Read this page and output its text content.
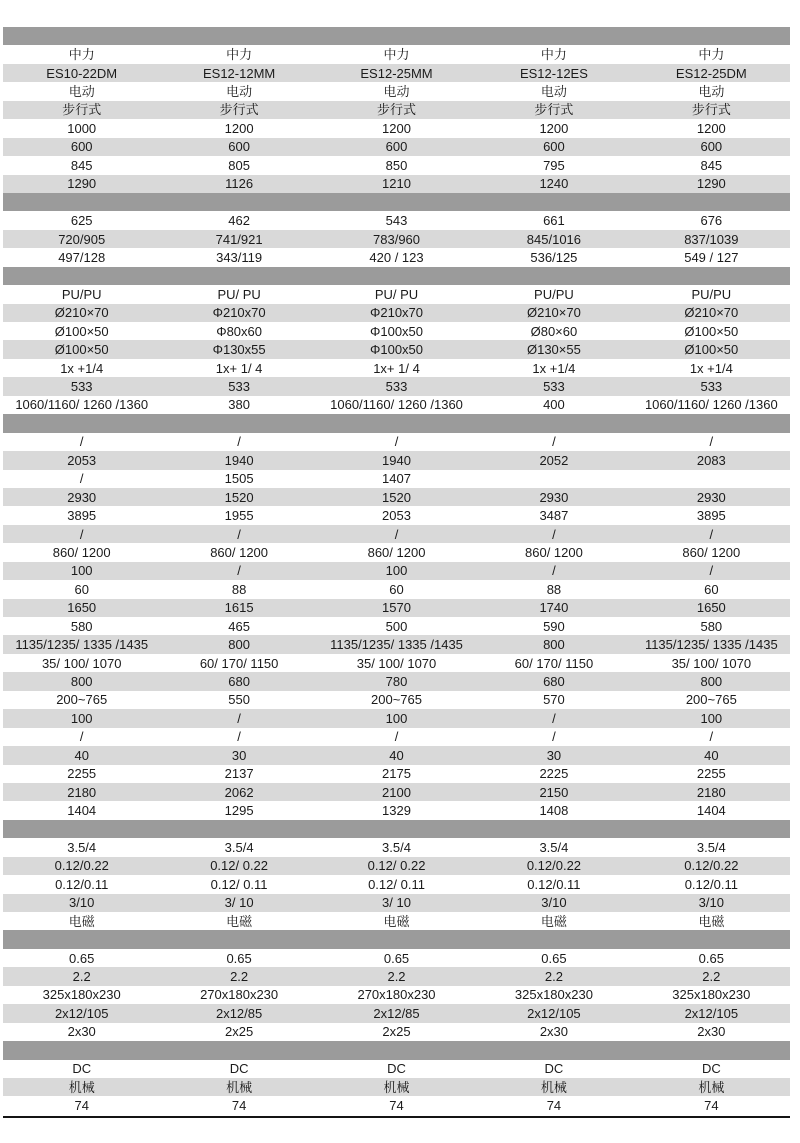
中力	中力	中力	中力	中力
ES10-22DM	ES12-12MM	ES12-25MM	ES12-12ES	ES12-25DM
电动	电动	电动	电动	电动
步行式	步行式	步行式	步行式	步行式
1000	1200	1200	1200	1200
600	600	600	600	600
845	805	850	795	845
1290	1126	1210	1240	1290
625	462	543	661	676
720/905	741/921	783/960	845/1016	837/1039
497/128	343/119	420 / 123	536/125	549 / 127
PU/PU	PU/ PU	PU/ PU	PU/PU	PU/PU
Ø210×70	Φ210x70	Φ210x70	Ø210×70	Ø210×70
Ø100×50	Φ80x60	Φ100x50	Ø80×60	Ø100×50
Ø100×50	Φ130x55	Φ100x50	Ø130×55	Ø100×50
1x +1/4	1x+ 1/ 4	1x+ 1/ 4	1x +1/4	1x +1/4
533	533	533	533	533
1060/1160/ 1260 /1360	380	1060/1160/ 1260 /1360	400	1060/1160/ 1260 /1360
/	/	/	/	/
2053	1940	1940	2052	2083
/	1505	1407
2930	1520	1520	2930	2930
3895	1955	2053	3487	3895
/	/	/	/	/
860/ 1200	860/ 1200	860/ 1200	860/ 1200	860/ 1200
100	/	100	/	/
60	88	60	88	60
1650	1615	1570	1740	1650
580	465	500	590	580
1135/1235/ 1335 /1435	800	1135/1235/ 1335 /1435	800	1135/1235/ 1335 /1435
35/ 100/ 1070	60/ 170/ 1150	35/ 100/ 1070	60/ 170/ 1150	35/ 100/ 1070
800	680	780	680	800
200~765	550	200~765	570	200~765
100	/	100	/	100
/	/	/	/	/
40	30	40	30	40
2255	2137	2175	2225	2255
2180	2062	2100	2150	2180
1404	1295	1329	1408	1404
3.5/4	3.5/4	3.5/4	3.5/4	3.5/4
0.12/0.22	0.12/ 0.22	0.12/ 0.22	0.12/0.22	0.12/0.22
0.12/0.11	0.12/ 0.11	0.12/ 0.11	0.12/0.11	0.12/0.11
3/10	3/ 10	3/ 10	3/10	3/10
电磁	电磁	电磁	电磁	电磁
0.65	0.65	0.65	0.65	0.65
2.2	2.2	2.2	2.2	2.2
325x180x230	270x180x230	270x180x230	325x180x230	325x180x230
2x12/105	2x12/85	2x12/85	2x12/105	2x12/105
2x30	2x25	2x25	2x30	2x30
DC	DC	DC	DC	DC
机械	机械	机械	机械	机械
74	74	74	74	74
